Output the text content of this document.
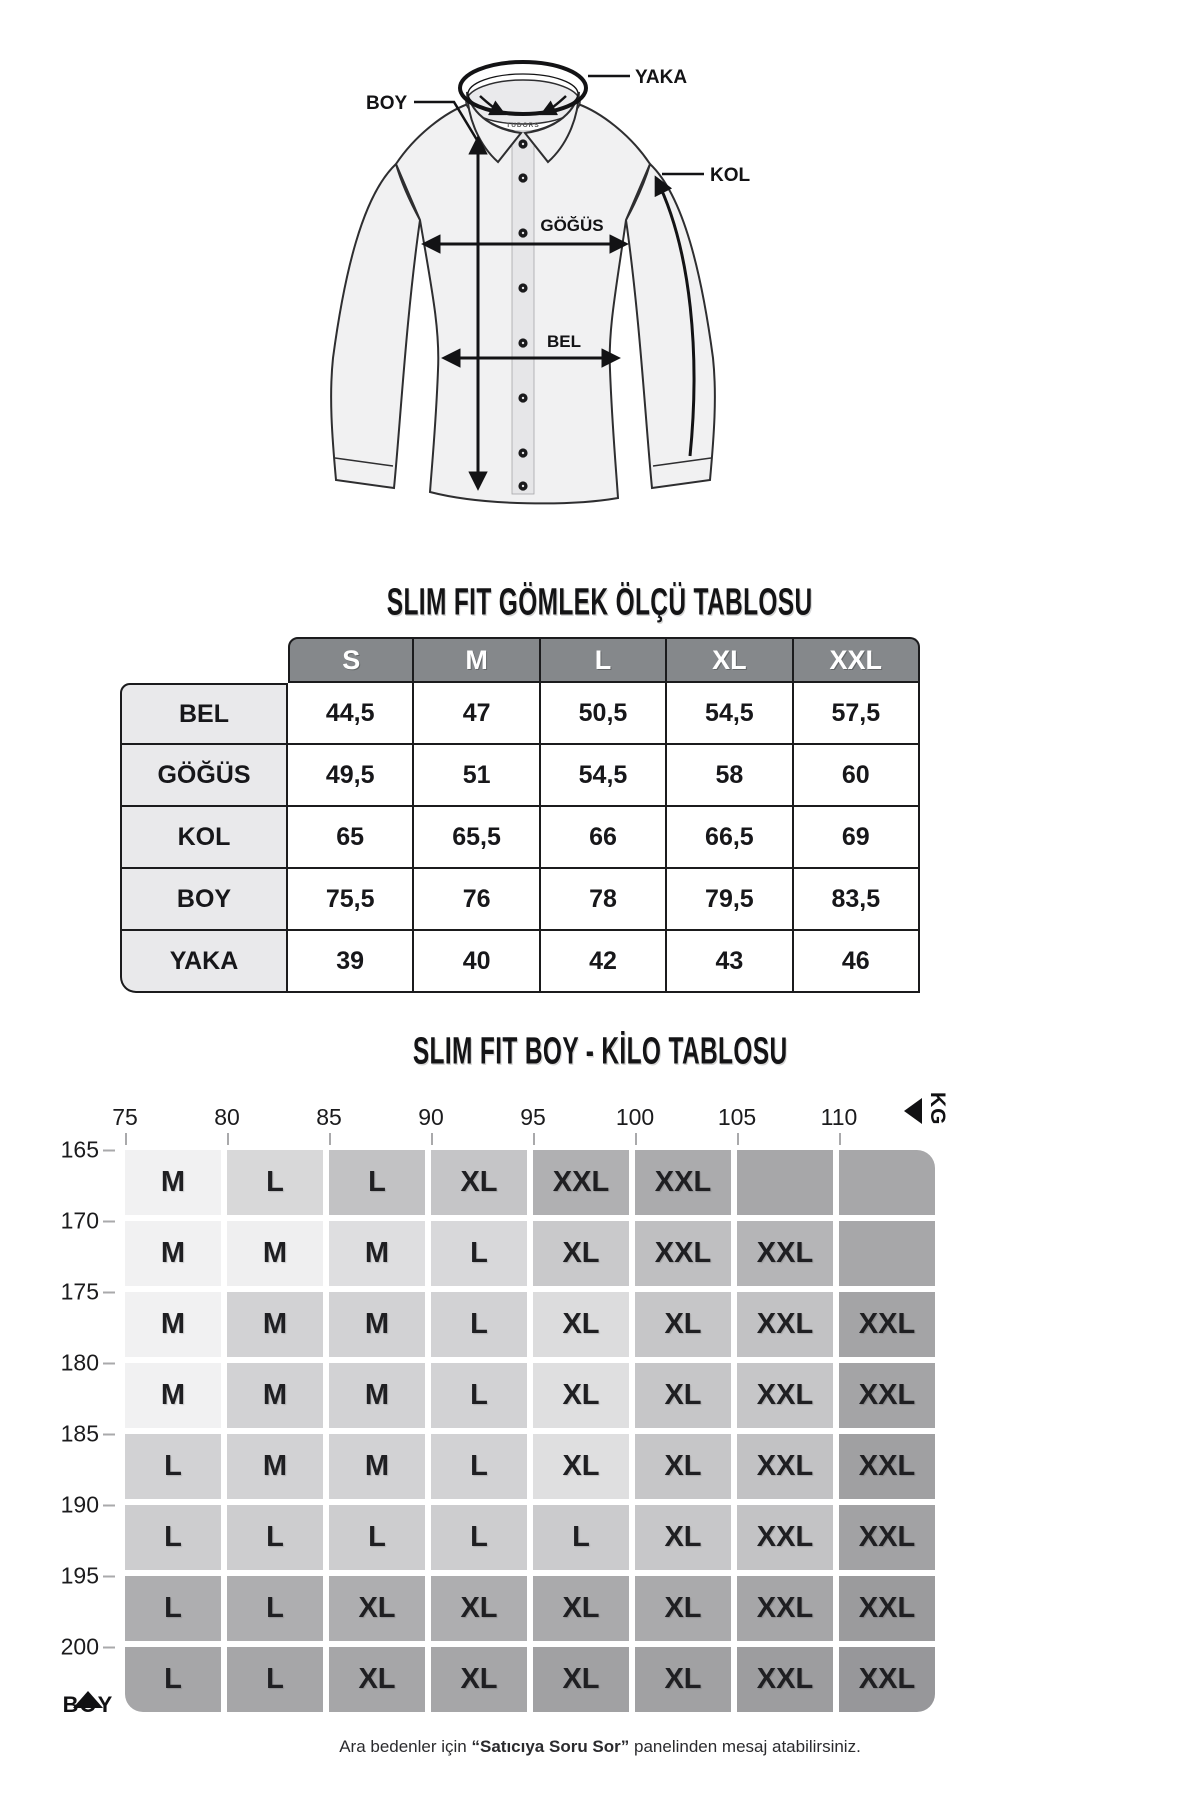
TUDORS
BOY
YAKA
KOL
GÖĞÜS
BEL
SLIM FIT GÖMLEK ÖLÇÜ TABLOSU
S	M	L	XL	XXL
BEL	44,5	47	50,5	54,5	57,5
GÖĞÜS	49,5	51	54,5	58	60
KOL	65	65,5	66	66,5	69
BOY	75,5	76	78	79,5	83,5
YAKA	39	40	42	43	46
SLIM FIT BOY - KİLO TABLOSU
KG
75	80	85	90	95	100	105	110
165
170
175
180
185
190
195
200
M	L	L	XL	XXL	XXL
M	M	M	L	XL	XXL	XXL
M	M	M	L	XL	XL	XXL	XXL
M	M	M	L	XL	XL	XXL	XXL
L	M	M	L	XL	XL	XXL	XXL
L	L	L	L	L	XL	XXL	XXL
L	L	XL	XL	XL	XL	XXL	XXL
L	L	XL	XL	XL	XL	XXL	XXL
BOY

Ara bedenler için “Satıcıya Soru Sor” panelinden mesaj atabilirsiniz.
